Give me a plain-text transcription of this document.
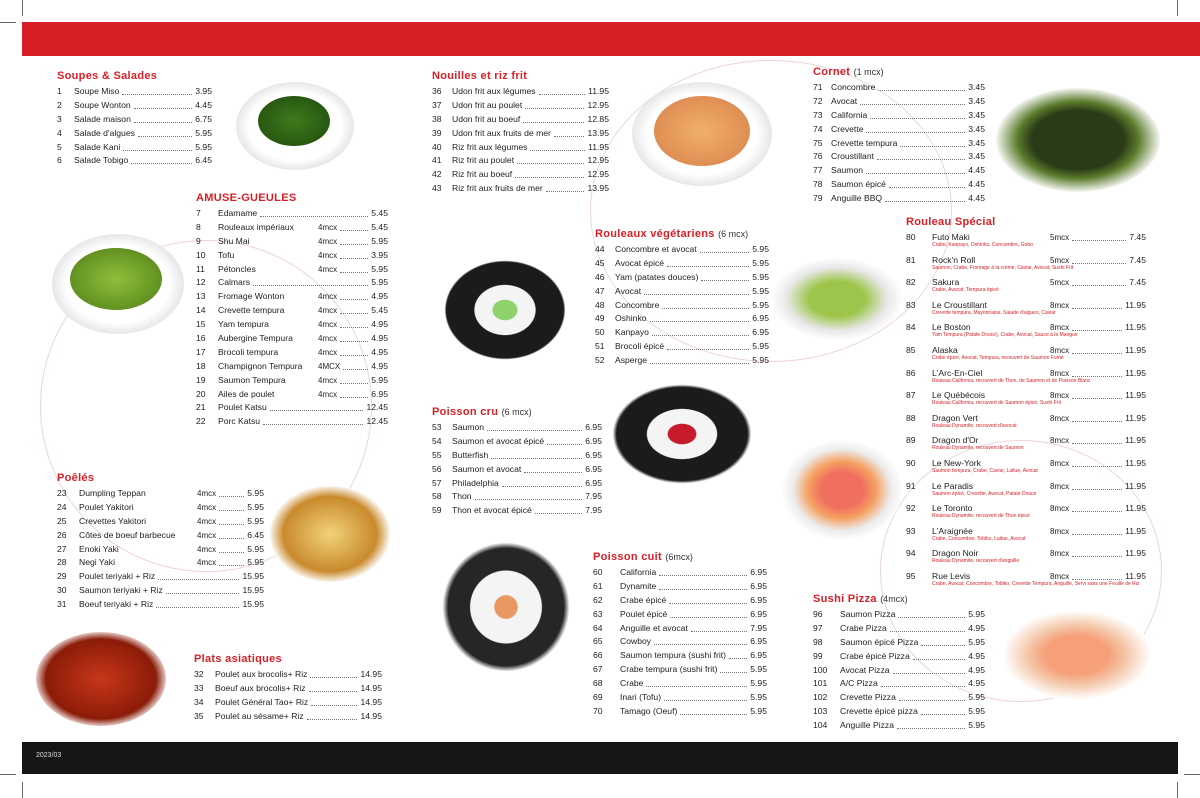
2023/03
Soupes & Salades
1 Soupe Miso	3.95
2 Soupe Wonton	4.45
3 Salade maison	6.75
4 Salade d'algues	5.95
5 Salade Kani	5.95
6 Salade Tobigo	6.45
AMUSE-GUEULES
7 Edamame	5.45
8 Rouleaux impériaux	4mcx	5.45
9 Shu Mai	4mcx	5.95
10 Tofu	4mcx	3.95
11 Pétoncles	4mcx	5.95
12 Calmars	5.95
13 Fromage Wonton	4mcx	4.95
14 Crevette tempura	4mcx	5.45
15 Yam tempura	4mcx	4.95
16 Aubergine Tempura	4mcx	4.95
17 Brocoli tempura	4mcx	4.95
18 Champignon Tempura 4MCX	4.95
19 Saumon Tempura	4mcx	5.95
20 Ailes de poulet	4mcx	6.95
21 Poulet Katsu	12.45
22 Porc Katsu	12.45
Poêlés
23 Dumpling Teppan	4mcx	5.95
24 Poulet Yakitori	4mcx	5.95
25 Crevettes Yakitori	4mcx	5.95
26 Côtes de boeuf barbecue	4mcx	6.45
27 Enoki Yaki	4mcx	5.95
28 Negi Yaki	4mcx	5.95
29 Poulet teriyaki + Riz	15.95
30 Saumon teriyaki + Riz	15.95
31 Boeuf teriyaki + Riz	15.95
Plats asiatiques
32 Poulet aux brocolis+ Riz	14.95
33 Boeuf aux brocolis+ Riz	14.95
34 Poulet Général Tao+ Riz	14.95
35 Poulet au sésame+ Riz	14.95
Nouilles et riz frit
36 Udon frit aux légumes	11.95
37 Udon frit au poulet	12.95
38 Udon frit au boeuf	12.85
39 Udon frit aux fruits de mer	13.95
40 Riz frit aux légumes	11.95
41 Riz frit au poulet	12.95
42 Riz frit au boeuf	12.95
43 Riz frit aux fruits de mer	13.95
Rouleaux végétariens (6 mcx)
44 Concombre et avocat	5.95
45 Avocat épicé	5.95
46 Yam (patates douces)	5.95
47 Avocat	5.95
48 Concombre	5.95
49 Oshinko	6.95
50 Kanpayo	6.95
51 Brocoli épicé	5.95
52 Asperge	5.95
Poisson cru (6 mcx)
53 Saumon	6.95
54 Saumon et avocat épicé	6.95
55 Butterfish	6.95
56 Saumon et avocat	6.95
57 Philadelphia	6.95
58 Thon	7.95
59 Thon et avocat épicé	7.95
Poisson cuit (6mcx)
60 California	6.95
61 Dynamite	6.95
62 Crabe épicé	6.95
63 Poulet épicé	6.95
64 Anguille et avocat	7.95
65 Cowboy	6.95
66 Saumon tempura (sushi frit)	6.95
67 Crabe tempura (sushi frit)	5.95
68 Crabe	5.95
69 Inari (Tofu)	5.95
70 Tamago (Oeuf)	5.95
Cornet (1 mcx)
71 Concombre	3.45
72 Avocat	3.45
73 California	3.45
74 Crevette	3.45
75 Crevette tempura	3.45
76 Croustillant	3.45
77 Saumon	4.45
78 Saumon épicé	4.45
79 Anguille BBQ	4.45
Rouleau Spécial
80 Futo Maki	5mcx	7.45
Crabe, Kanpayo, Oshinko, Concombre, Gobo
81 Rock'n Roll	5mcx	7.45
Saumon, Crabe, Fromage à la crème, Caviar, Avocat, Sushi Frit
82 Sakura	5mcx	7.45
Crabe, Avocat, Tempura épicé
83 Le Croustillant	8mcx	11.95
Crevette tempura, Mayonnaise, Salade d'algues, Caviar
84 Le Boston	8mcx	11.95
Yam Tempura (Patate Douce), Crabe, Avocat, Sauce à la Mangue
85 Alaska	8mcx	11.95
Crabe épicé, Avocat, Tempura, recouvert de Saumon Fumé
86 L'Arc-En-Ciel	8mcx	11.95
Rouleau California, recouvert de Thon, de Saumon et de Poisson Blanc
87 Le Québécois	8mcx	11.95
Rouleau California, recouvert de Saumon épicé, Sushi Frit
88 Dragon Vert	8mcx	11.95
Rouleau Dynamite, recouvert d'avocat
89 Dragon d'Or	8mcx	11.95
Rouleau Dynamite, recouvert de Saumon
90 Le New-York	8mcx	11.95
Saumon tempura, Crabe, Caviar, Laitue, Avocat
91 Le Paradis	8mcx	11.95
Saumon épicé, Crevette, Avocat, Patate Douce
92 Le Toronto	8mcx	11.95
Rouleau Dynamite, recouvert de Thon épicé
93 L'Araignée	8mcx	11.95
Crabe, Concombre, Tobiko, Laitue, Avocat
94 Dragon Noir	8mcx	11.95
Rouleau Dynamite, recouvert d'anguille
95 Rue Levis	8mcx	11.95
Crabe, Avocat, Concombre, Tobiko, Crevette Tempura, Anguille, Servi sans une Feuille de Riz
Sushi Pizza (4mcx)
96 Saumon Pizza	5.95
97 Crabe Pizza	4.95
98 Saumon épicé Pizza	5.95
99 Crabe épicé Pizza	4.95
100 Avocat Pizza	4.95
101 A/C Pizza	4.95
102 Crevette Pizza	5.95
103 Crevette épicé pizza	5.95
104 Anguille Pizza	5.95
